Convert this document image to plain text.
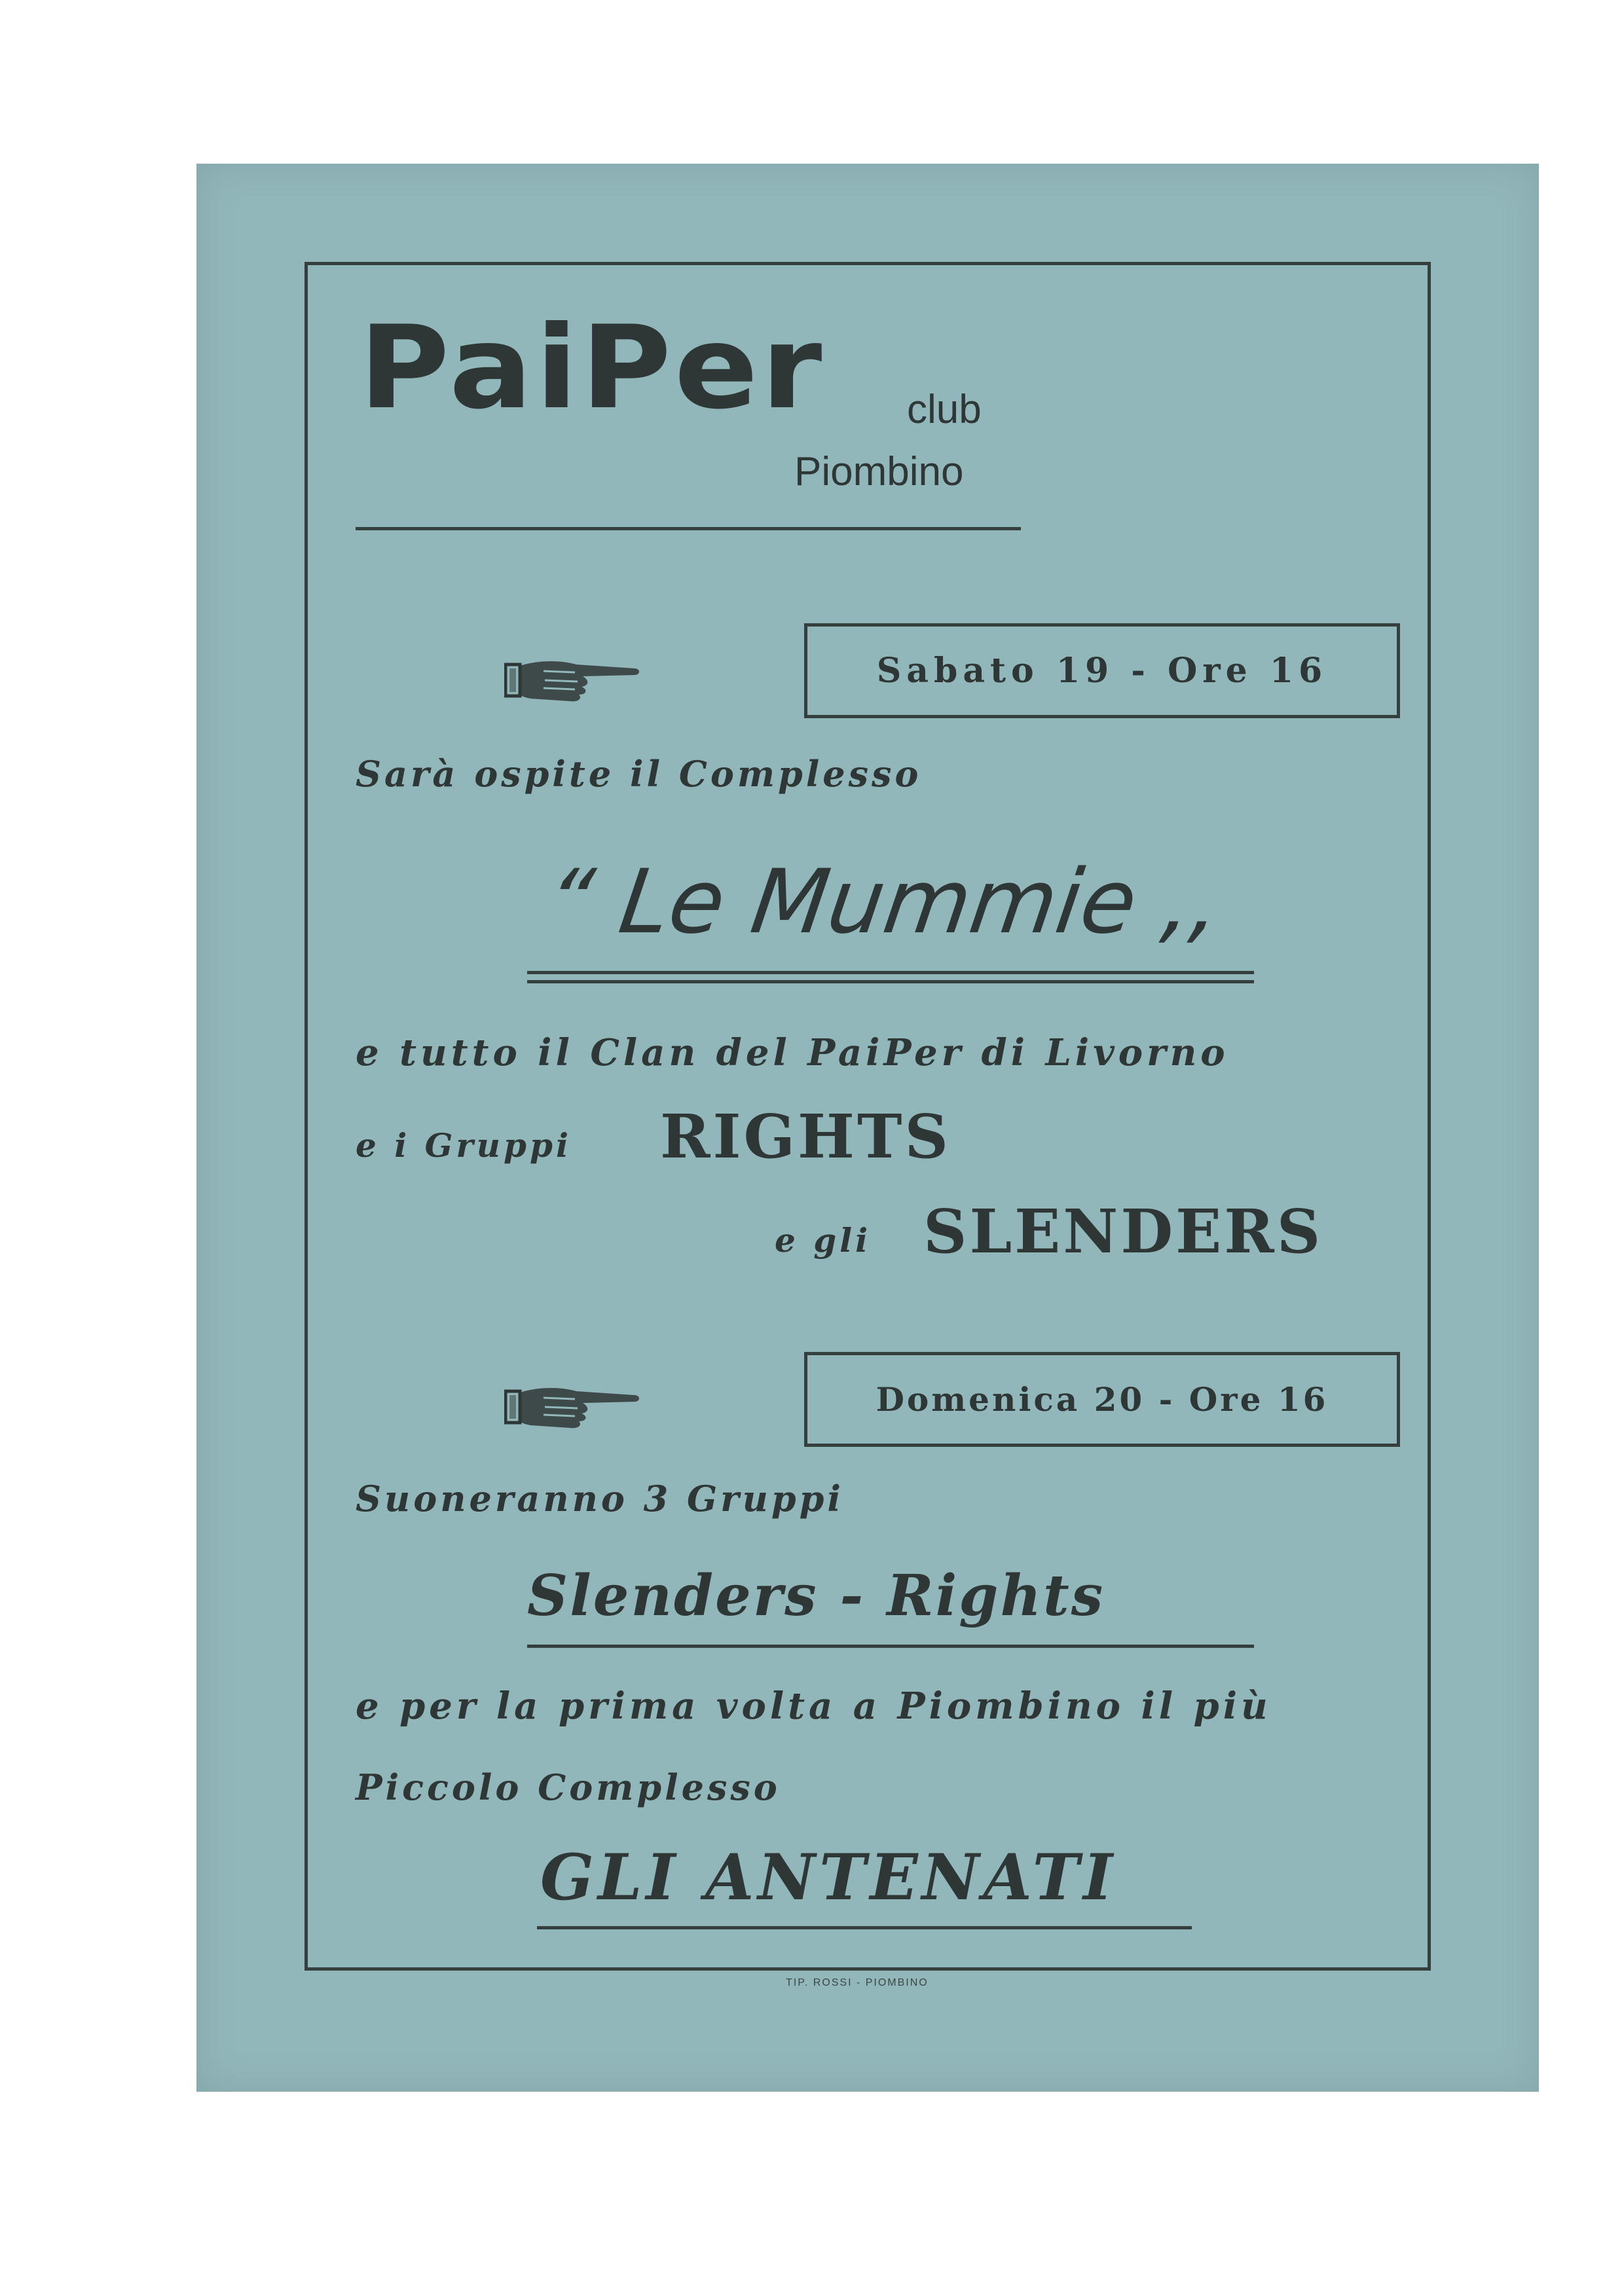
PaiPer club
Piombino
Sabato 19 - Ore 16
Sarà ospite il Complesso
“ Le Mummie ,,
e tutto il Clan del PaiPer di Livorno
e i Gruppi RIGHTS
e gli SLENDERS
Domenica 20 - Ore 16
Suoneranno 3 Gruppi
Slenders - Rights
e per la prima volta a Piombino il più
Piccolo Complesso
GLI ANTENATI
TIP. ROSSI - PIOMBINO
